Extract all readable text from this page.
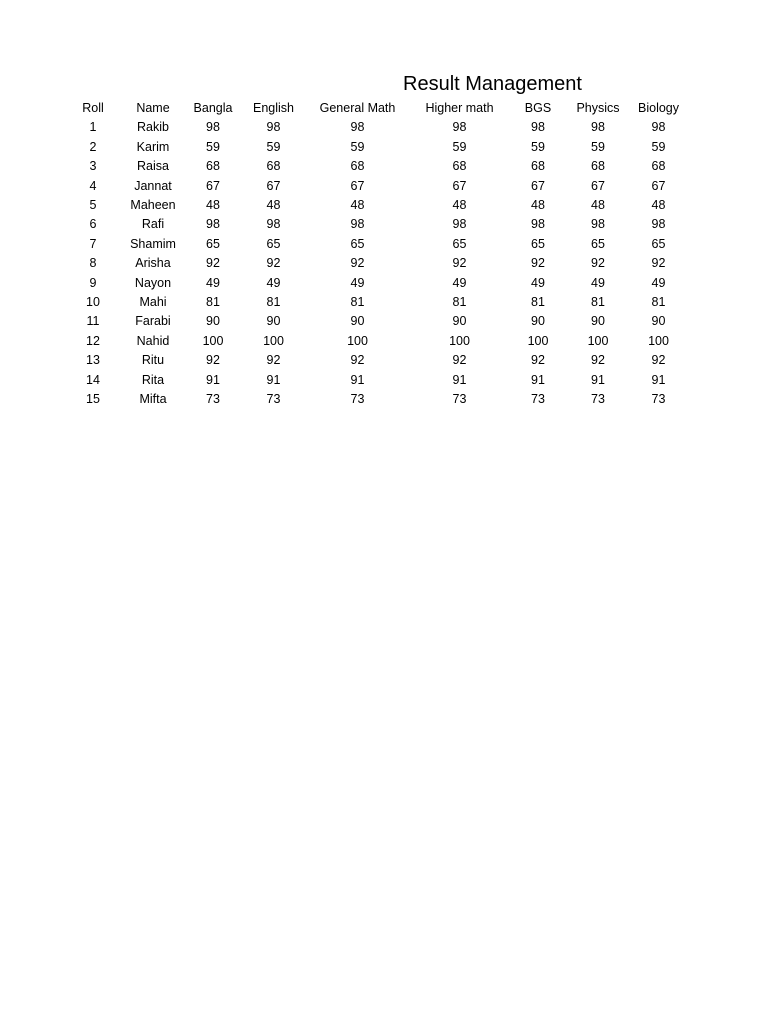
Result Management
Roll	Name	Bangla	English	General Math	Higher math	BGS	Physics	Biology
1	Rakib	98	98	98	98	98	98	98
2	Karim	59	59	59	59	59	59	59
3	Raisa	68	68	68	68	68	68	68
4	Jannat	67	67	67	67	67	67	67
5	Maheen	48	48	48	48	48	48	48
6	Rafi	98	98	98	98	98	98	98
7	Shamim	65	65	65	65	65	65	65
8	Arisha	92	92	92	92	92	92	92
9	Nayon	49	49	49	49	49	49	49
10	Mahi	81	81	81	81	81	81	81
11	Farabi	90	90	90	90	90	90	90
12	Nahid	100	100	100	100	100	100	100
13	Ritu	92	92	92	92	92	92	92
14	Rita	91	91	91	91	91	91	91
15	Mifta	73	73	73	73	73	73	73
